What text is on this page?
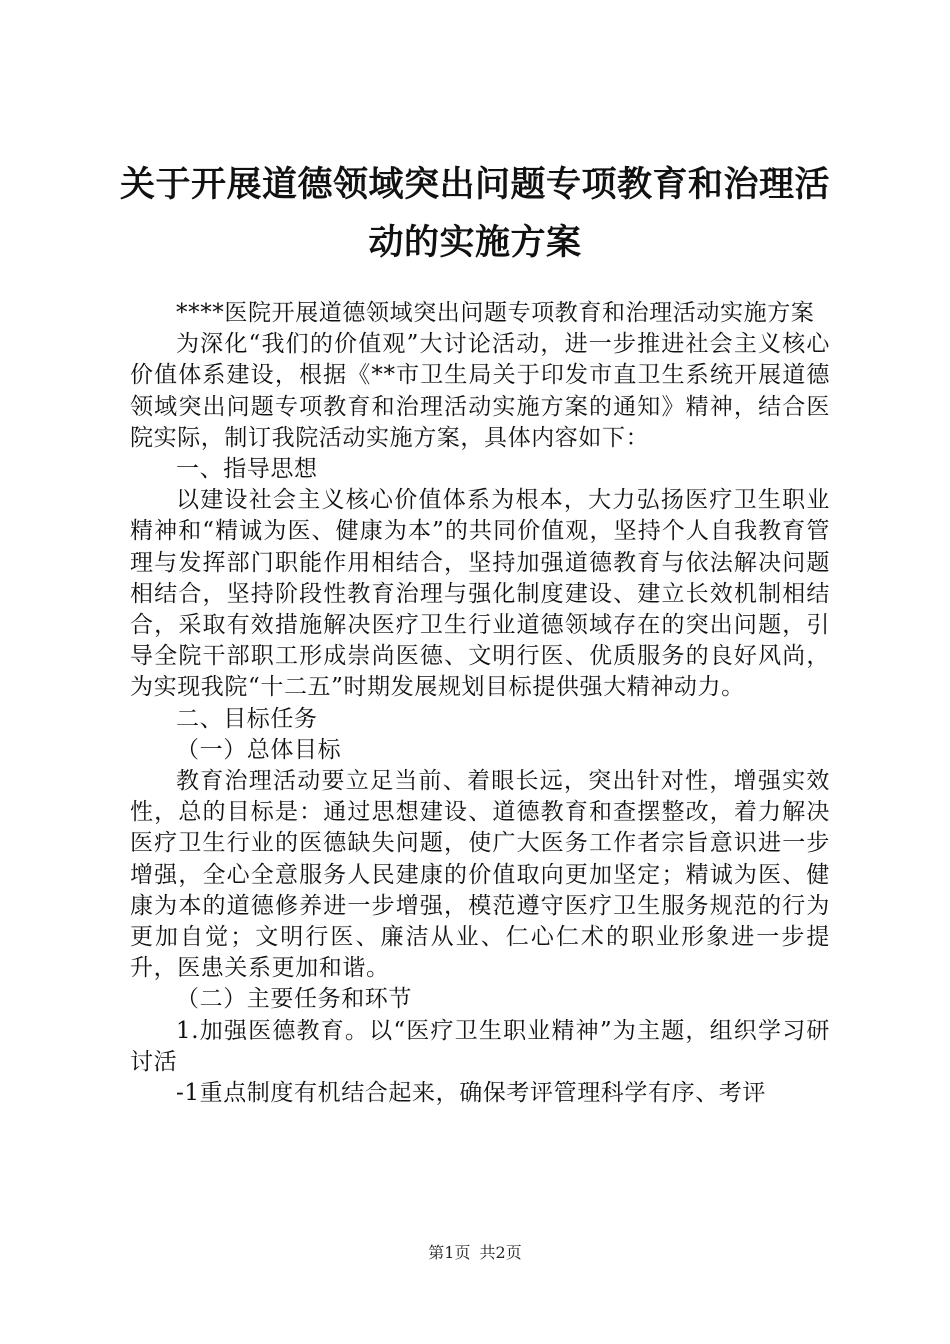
关于开展道德领域突出问题专项教育和治理活
动的实施方案

****医院开展道德领域突出问题专项教育和治理活动实施方案

为深化“我们的价值观”大讨论活动，进一步推进社会主义核心价值体系建设，根据《**市卫生局关于印发市直卫生系统开展道德领域突出问题专项教育和治理活动实施方案的通知》精神，结合医院实际，制订我院活动实施方案，具体内容如下：

一、指导思想

以建设社会主义核心价值体系为根本，大力弘扬医疗卫生职业精神和“精诚为医、健康为本”的共同价值观，坚持个人自我教育管理与发挥部门职能作用相结合，坚持加强道德教育与依法解决问题相结合，坚持阶段性教育治理与强化制度建设、建立长效机制相结合，采取有效措施解决医疗卫生行业道德领域存在的突出问题，引导全院干部职工形成崇尚医德、文明行医、优质服务的良好风尚，为实现我院“十二五”时期发展规划目标提供强大精神动力。

二、目标任务

（一）总体目标

教育治理活动要立足当前、着眼长远，突出针对性，增强实效性，总的目标是：通过思想建设、道德教育和查摆整改，着力解决医疗卫生行业的医德缺失问题，使广大医务工作者宗旨意识进一步增强，全心全意服务人民建康的价值取向更加坚定；精诚为医、健康为本的道德修养进一步增强，模范遵守医疗卫生服务规范的行为更加自觉；文明行医、廉洁从业、仁心仁术的职业形象进一步提升，医患关系更加和谐。

（二）主要任务和环节

1.加强医德教育。以“医疗卫生职业精神”为主题，组织学习研讨活

-1重点制度有机结合起来，确保考评管理科学有序、考评

第1页 共2页
